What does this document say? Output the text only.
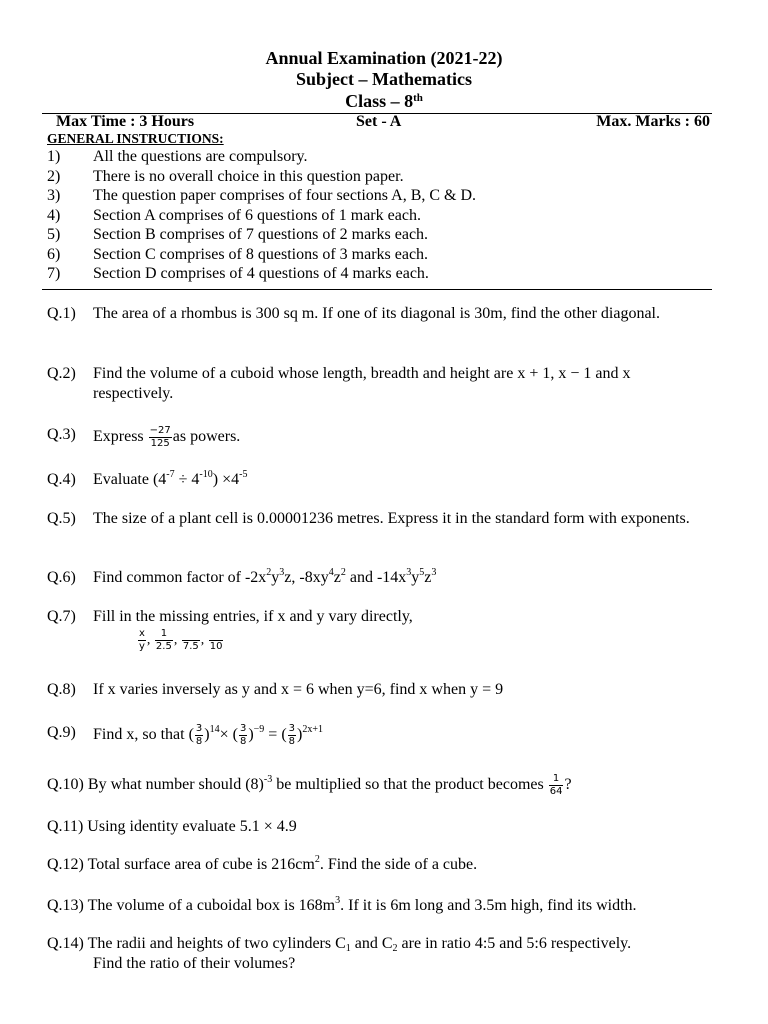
Annual Examination (2021-22)
Subject – Mathematics
Class – 8th
Max Time : 3 Hours	Set - A	Max. Marks : 60
GENERAL INSTRUCTIONS:
1) All the questions are compulsory.
2) There is no overall choice in this question paper.
3) The question paper comprises of four sections A, B, C & D.
4) Section A comprises of 6 questions of 1 mark each.
5) Section B comprises of 7 questions of 2 marks each.
6) Section C comprises of 8 questions of 3 marks each.
7) Section D comprises of 4 questions of 4 marks each.
Q.1) The area of a rhombus is 300 sq m. If one of its diagonal is 30m, find the other diagonal.
Q.2) Find the volume of a cuboid whose length, breadth and height are x + 1, x − 1 and x respectively.
Q.3) Express $\frac{-27}{125}$ as powers.
Q.4) Evaluate $(4^{-7} \div 4^{-10}) \times 4^{-5}$
Q.5) The size of a plant cell is 0.00001236 metres. Express it in the standard form with exponents.
Q.6) Find common factor of $-2x^2y^3z$, $-8xy^4z^2$ and $-14x^3y^5z^3$
Q.7) Fill in the missing entries, if x and y vary directly,
$\frac{x}{y}$ , $\frac{1}{2.5}$ , 7.5 , 10
Q.8) If x varies inversely as y and x = 6 when y=6, find x when y = 9
Q.9) Find x, so that ( $\frac{3}{8} )^{14}\times$ ( $\frac{3}{8} )^{-9}$ = ( $\frac{3}{8} )^{2x+1}$
Q.10) By what number should $(8)^{-3}$ be multiplied so that the product becomes $\frac{1}{64}$ ?
Q.11) Using identity evaluate 5.1 × 4.9
Q.12) Total surface area of cube is $216cm^2$. Find the side of a cube.
Q.13) The volume of a cuboidal box is $168m^3$. If it is 6m long and 3.5m high, find its width.
Q.14) The radii and heights of two cylinders $C_1$ and $C_2$ are in ratio 4:5 and 5:6 respectively.
Find the ratio of their volumes?
